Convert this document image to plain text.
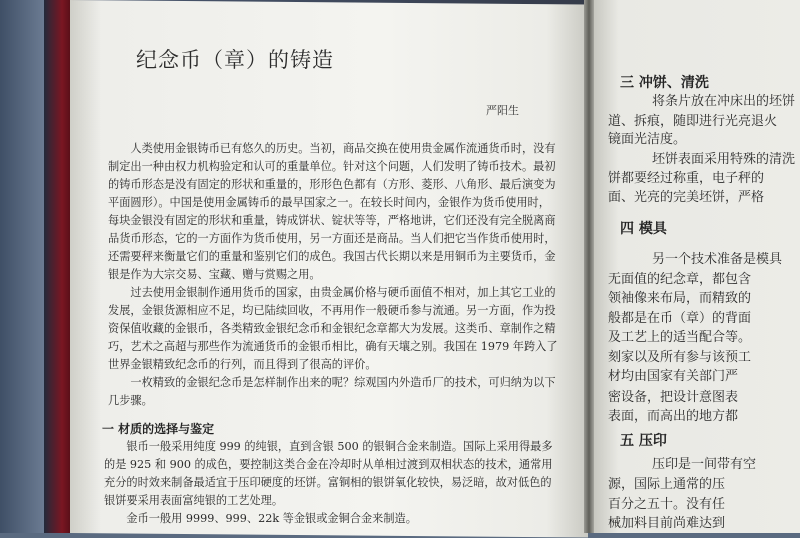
纪念币（章）的铸造
严阳生

人类使用金银铸币已有悠久的历史。当初，商品交换在使用贵金属作流通货币时，没有制定出一种由权力机构验定和认可的重量单位。针对这个问题，人们发明了铸币技术。最初的铸币形态是没有固定的形状和重量的，形形色色都有（方形、菱形、八角形、最后演变为平面圆形）。中国是使用金属铸币的最早国家之一。在较长时间内，金银作为货币使用时，每块金银没有固定的形状和重量，铸成饼状、锭状等等，严格地讲，它们还没有完全脱离商品货币形态，它的一方面作为货币使用，另一方面还是商品。当人们把它当作货币使用时，还需要秤来衡量它们的重量和鉴别它们的成色。我国古代长期以来是用铜币为主要货币，金银是作为大宗交易、宝藏、赠与赏赐之用。

过去使用金银制作通用货币的国家，由贵金属价格与硬币面值不相对，加上其它工业的发展，金银货源相应不足，均已陆续回收，不再用作一般硬币参与流通。另一方面，作为投资保值收藏的金银币，各类精致金银纪念币和金银纪念章都大为发展。这类币、章制作之精巧，艺术之高超与那些作为流通货币的金银币相比，确有天壤之别。我国在 1979 年跨入了世界金银精致纪念币的行列，而且得到了很高的评价。

一枚精致的金银纪念币是怎样制作出来的呢？综观国内外造币厂的技术，可归纳为以下几步骤。

一 材质的选择与鉴定

银币一般采用纯度 999 的纯银，直到含银 500 的银铜合金来制造。国际上采用得最多的是 925 和 900 的成色，要控制这类合金在冷却时从单相过渡到双相状态的技术，通常用充分的时效来制备最适宜于压印硬度的坯饼。富铜相的银饼氧化较快，易泛暗，故对低色的银饼要采用表面富纯银的工艺处理。

金币一般用 9999、999、22k 等金银或金铜合金来制造。

三 冲饼、清洗
将条片放在冲床出的坯饼
道、拆痕，随即进行光亮退火
镜面光洁度。
坯饼表面采用特殊的清洗
饼都要经过称重，电子秤的
面、光亮的完美坯饼，严格
四 模具
另一个技术准备是模具
无面值的纪念章，都包含
领袖像来布局，而精致的
般都是在币（章）的背面
及工艺上的适当配合等。
刻家以及所有参与该预工
材均由国家有关部门严
密设备，把设计意图表
表面，而高出的地方都
五 压印
压印是一间带有空
源，国际上通常的压
百分之五十。没有任
械加料目前尚难达到
